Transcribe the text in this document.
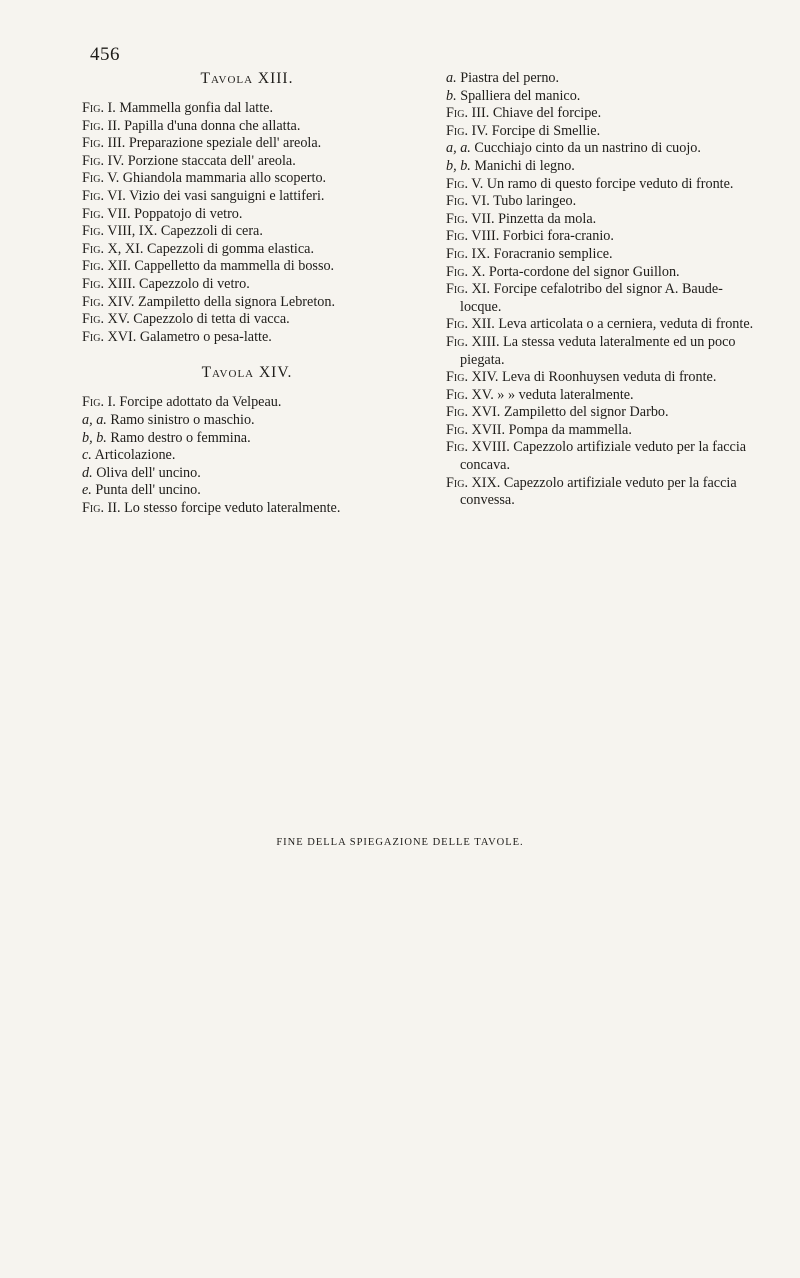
456
Tavola XIII.

Fig. I. Mammella gonfia dal latte.

Fig. II. Papilla d'una donna che allatta.

Fig. III. Preparazione speziale dell' areola.

Fig. IV. Porzione staccata dell' areola.

Fig. V. Ghiandola mammaria allo scoperto.

Fig. VI. Vizio dei vasi sanguigni e lattiferi.

Fig. VII. Poppatojo di vetro.

Fig. VIII, IX. Capezzoli di cera.

Fig. X, XI. Capezzoli di gomma elastica.

Fig. XII. Cappelletto da mammella di bosso.

Fig. XIII. Capezzolo di vetro.

Fig. XIV. Zampiletto della signora Lebreton.

Fig. XV. Capezzolo di tetta di vacca.

Fig. XVI. Galametro o pesa-latte.

Tavola XIV.

Fig. I. Forcipe adottato da Velpeau.

a, a. Ramo sinistro o maschio.

b, b. Ramo destro o femmina.

c. Articolazione.

d. Oliva dell' uncino.

e. Punta dell' uncino.

Fig. II. Lo stesso forcipe veduto lateralmente.

a. Piastra del perno.

b. Spalliera del manico.

Fig. III. Chiave del forcipe.

Fig. IV. Forcipe di Smellie.

a, a. Cucchiajo cinto da un nastrino di cuojo.

b, b. Manichi di legno.

Fig. V. Un ramo di questo forcipe veduto di fronte.

Fig. VI. Tubo laringeo.

Fig. VII. Pinzetta da mola.

Fig. VIII. Forbici fora-cranio.

Fig. IX. Foracranio semplice.

Fig. X. Porta-cordone del signor Guillon.

Fig. XI. Forcipe cefalotribo del signor A. Baude-locque.

Fig. XII. Leva articolata o a cerniera, veduta di fronte.

Fig. XIII. La stessa veduta lateralmente ed un poco piegata.

Fig. XIV. Leva di Roonhuysen veduta di fronte.

Fig. XV. » » veduta lateralmente.

Fig. XVI. Zampiletto del signor Darbo.

Fig. XVII. Pompa da mammella.

Fig. XVIII. Capezzolo artifiziale veduto per la faccia concava.

Fig. XIX. Capezzolo artifiziale veduto per la faccia convessa.

FINE DELLA SPIEGAZIONE DELLE TAVOLE.
